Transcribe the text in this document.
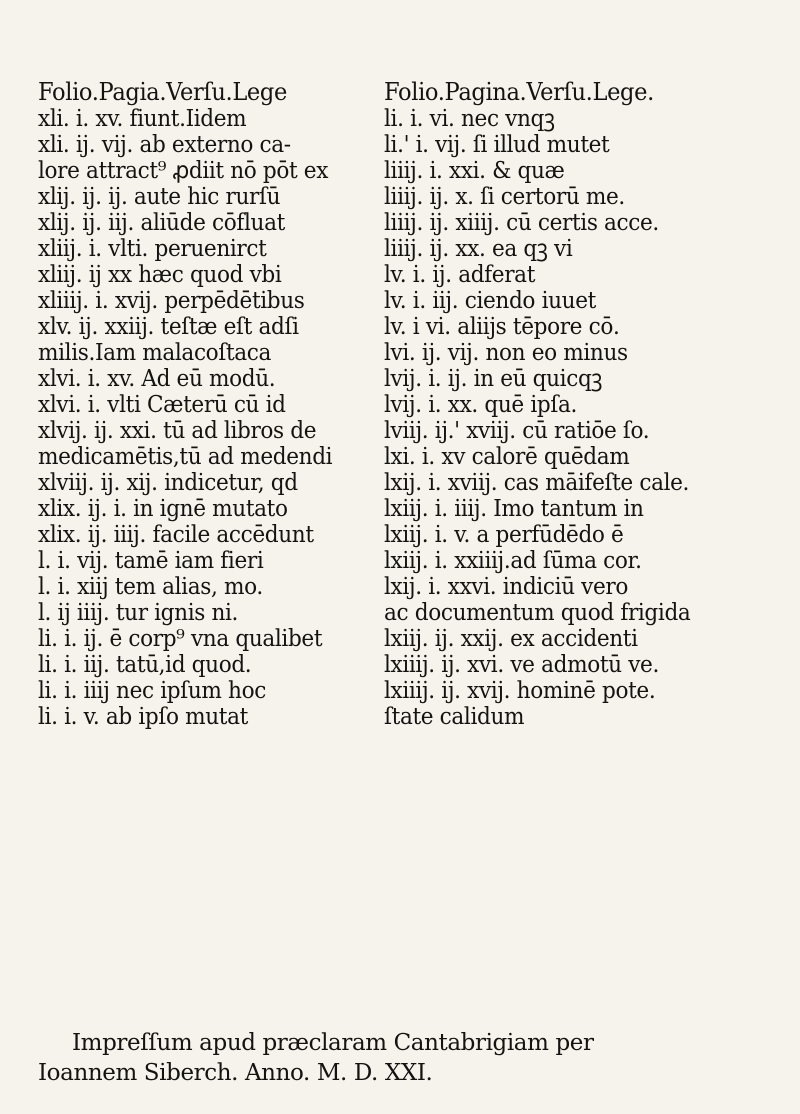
Folio.Pagia.Verſu.Lege
xli. i. xv. fiunt.Iidem
xli. ij. vij. ab externo ca-
lore attract⁹ ꝓdiit nō pōt ex
xlij. ij. ij. aute hic rurſū
xlij. ij. iij. aliūde cōfluat
xliij. i. vlti. peruenirct
xliij. ij xx hæc quod vbi
xliiij. i. xvij. perpēdētibus
xlv. ij. xxiij. teſtæ eſt adſi
milis.Iam malacoſtaca
xlvi. i. xv. Ad eū modū.
xlvi. i. vlti Cæterū cū id
xlvij. ij. xxi. tū ad libros de
medicamētis,tū ad medendi
xlviij. ij. xij. indicetur, qd
xlix. ij. i. in ignē mutato
xlix. ij. iiij. facile accēdunt
l. i. vij. tamē iam fieri
l. i. xiij tem alias, mo.
l. ij iiij. tur ignis ni.
li. i. ij. ē corp⁹ vna qualibet
li. i. iij. tatū,id quod.
li. i. iiij nec ipſum hoc
li. i. v. ab ipſo mutat
Folio.Pagina.Verſu.Lege.
li. i. vi. nec vnqꝫ
li.' i. vij. ſi illud mutet
liiij. i. xxi. & quæ
liiij. ij. x. ſi certorū me.
liiij. ij. xiiij. cū certis acce.
liiij. ij. xx. ea qꝫ vi
lv. i. ij. adferat
lv. i. iij. ciendo iuuet
lv. i vi. aliijs tēpore cō.
lvi. ij. vij. non eo minus
lvij. i. ij. in eū quicqꝫ
lvij. i. xx. quē ipſa.
lviij. ij.' xviij. cū ratiōe ſo.
lxi. i. xv calorē quēdam
lxij. i. xviij. cas māifeſte cale.
lxiij. i. iiij. Imo tantum in
lxiij. i. v. a perfūdēdo ē
lxiij. i. xxiiij.ad ſūma cor.
lxij. i. xxvi. indiciū vero
ac documentum quod frigida
lxiij. ij. xxij. ex accidenti
lxiiij. ij. xvi. ve admotū ve.
lxiiij. ij. xvij. hominē pote.
ſtate calidum
Impreſſum apud præclaram Cantabrigiam per
Ioannem Siberch. Anno. M. D. XXI.
